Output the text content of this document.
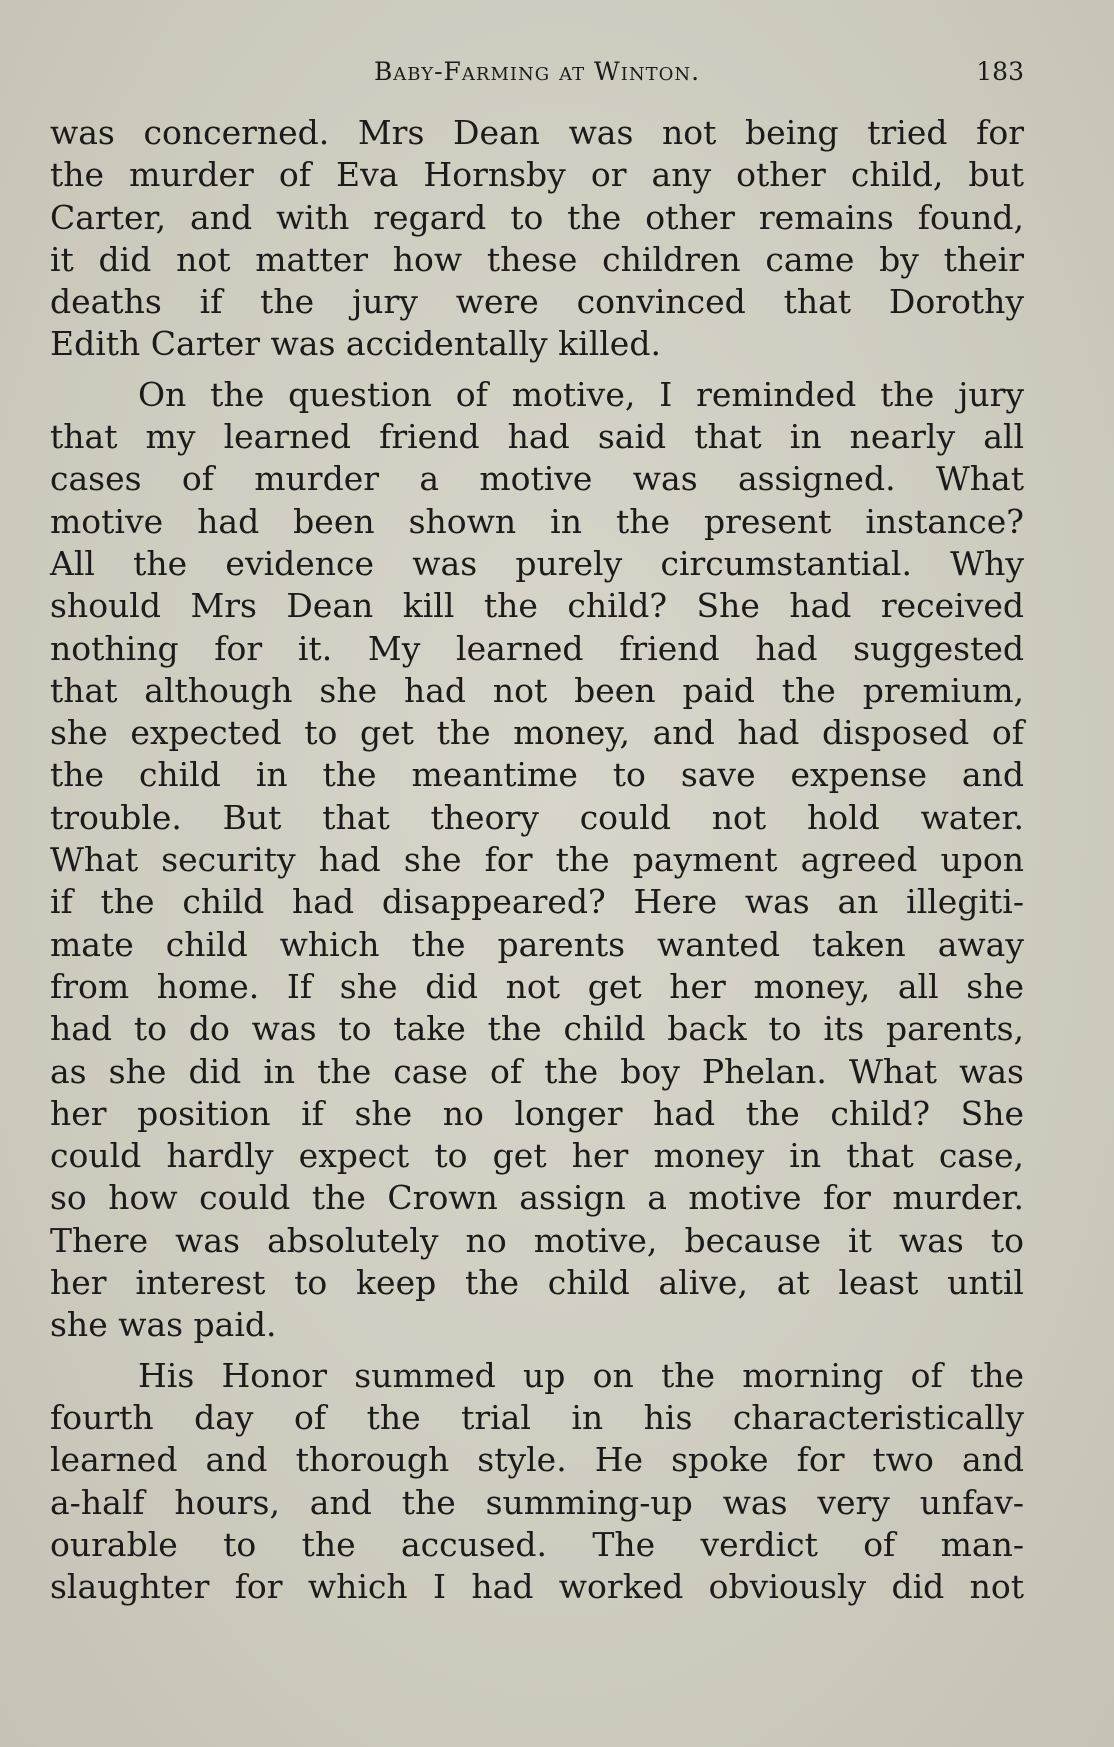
Baby-Farming at Winton.	183
was concerned. Mrs Dean was not being tried for
the murder of Eva Hornsby or any other child, but
Carter, and with regard to the other remains found,
it did not matter how these children came by their
deaths if the jury were convinced that Dorothy
Edith Carter was accidentally killed.
On the question of motive, I reminded the jury
that my learned friend had said that in nearly all
cases of murder a motive was assigned. What
motive had been shown in the present instance?
All the evidence was purely circumstantial. Why
should Mrs Dean kill the child? She had received
nothing for it. My learned friend had suggested
that although she had not been paid the premium,
she expected to get the money, and had disposed of
the child in the meantime to save expense and
trouble. But that theory could not hold water.
What security had she for the payment agreed upon
if the child had disappeared? Here was an illegiti-
mate child which the parents wanted taken away
from home. If she did not get her money, all she
had to do was to take the child back to its parents,
as she did in the case of the boy Phelan. What was
her position if she no longer had the child? She
could hardly expect to get her money in that case,
so how could the Crown assign a motive for murder.
There was absolutely no motive, because it was to
her interest to keep the child alive, at least until
she was paid.
His Honor summed up on the morning of the
fourth day of the trial in his characteristically
learned and thorough style. He spoke for two and
a-half hours, and the summing-up was very unfav-
ourable to the accused. The verdict of man-
slaughter for which I had worked obviously did not
